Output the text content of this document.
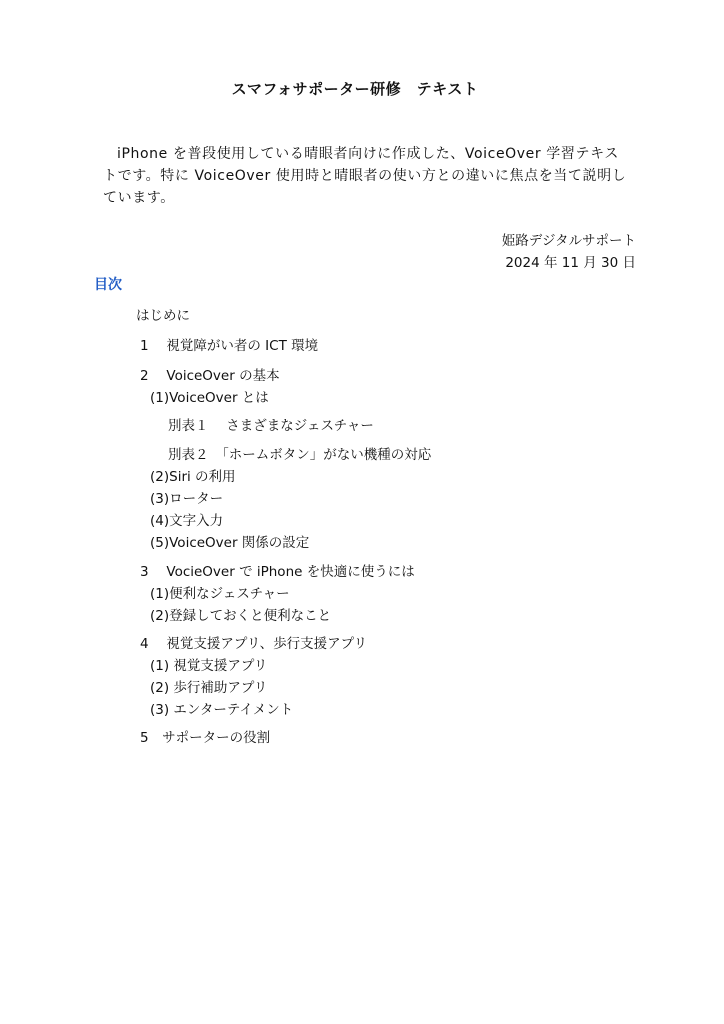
スマフォサポーター研修　テキスト
iPhone を普段使用している晴眼者向けに作成した、VoiceOver 学習テキストです。特に VoiceOver 使用時と晴眼者の使い方との違いに焦点を当て説明しています。
姫路デジタルサポート
2024 年 11 月 30 日
目次
はじめに
1　 視覚障がい者の ICT 環境
2　 VoiceOver の基本
(1)VoiceOver とは
別表１　 さまざまなジェスチャー
別表２　「ホームボタン」がない機種の対応
(2)Siri の利用
(3)ローター
(4)文字入力
(5)VoiceOver 関係の設定
3　 VocieOver で iPhone を快適に使うには
(1)便利なジェスチャー
(2)登録しておくと便利なこと
4　 視覚支援アプリ、歩行支援アプリ
(1) 視覚支援アプリ
(2) 歩行補助アプリ
(3) エンターテイメント
5　サポーターの役割
